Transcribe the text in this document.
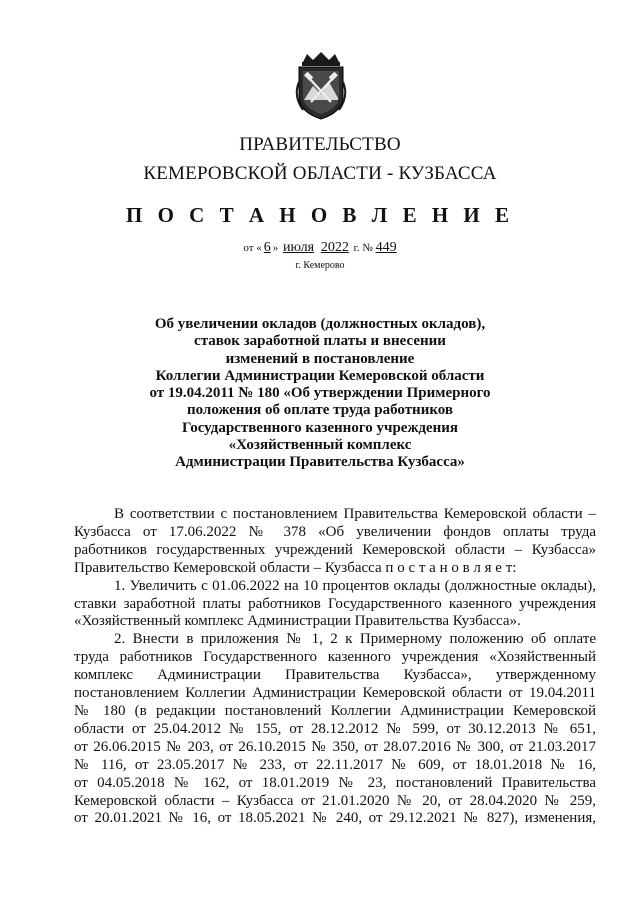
ПРАВИТЕЛЬСТВО
КЕМЕРОВСКОЙ ОБЛАСТИ - КУЗБАССА
П О С Т А Н О В Л Е Н И Е
от « 6 » июля 2022 г. № 449
г. Кемерово
Об увеличении окладов (должностных окладов),
ставок заработной платы и внесении
изменений в постановление
Коллегии Администрации Кемеровской области
от 19.04.2011 № 180 «Об утверждении Примерного
положения об оплате труда работников
Государственного казенного учреждения
«Хозяйственный комплекс
Администрации Правительства Кузбасса»
В соответствии с постановлением Правительства Кемеровской области –
Кузбасса от 17.06.2022 № 378 «Об увеличении фондов оплаты труда
работников государственных учреждений Кемеровской области – Кузбасса»
Правительство Кемеровской области – Кузбасса п о с т а н о в л я е т:
1. Увеличить с 01.06.2022 на 10 процентов оклады (должностные оклады),
ставки заработной платы работников Государственного казенного учреждения
«Хозяйственный комплекс Администрации Правительства Кузбасса».
2. Внести в приложения № 1, 2 к Примерному положению об оплате
труда работников Государственного казенного учреждения «Хозяйственный
комплекс Администрации Правительства Кузбасса», утвержденному
постановлением Коллегии Администрации Кемеровской области от 19.04.2011
№ 180 (в редакции постановлений Коллегии Администрации Кемеровской
области от 25.04.2012 № 155, от 28.12.2012 № 599, от 30.12.2013 № 651,
от 26.06.2015 № 203, от 26.10.2015 № 350, от 28.07.2016 № 300, от 21.03.2017
№ 116, от 23.05.2017 № 233, от 22.11.2017 № 609, от 18.01.2018 № 16,
от 04.05.2018 № 162, от 18.01.2019 № 23, постановлений Правительства
Кемеровской области – Кузбасса от 21.01.2020 № 20, от 28.04.2020 № 259,
от 20.01.2021 № 16, от 18.05.2021 № 240, от 29.12.2021 № 827), изменения,
